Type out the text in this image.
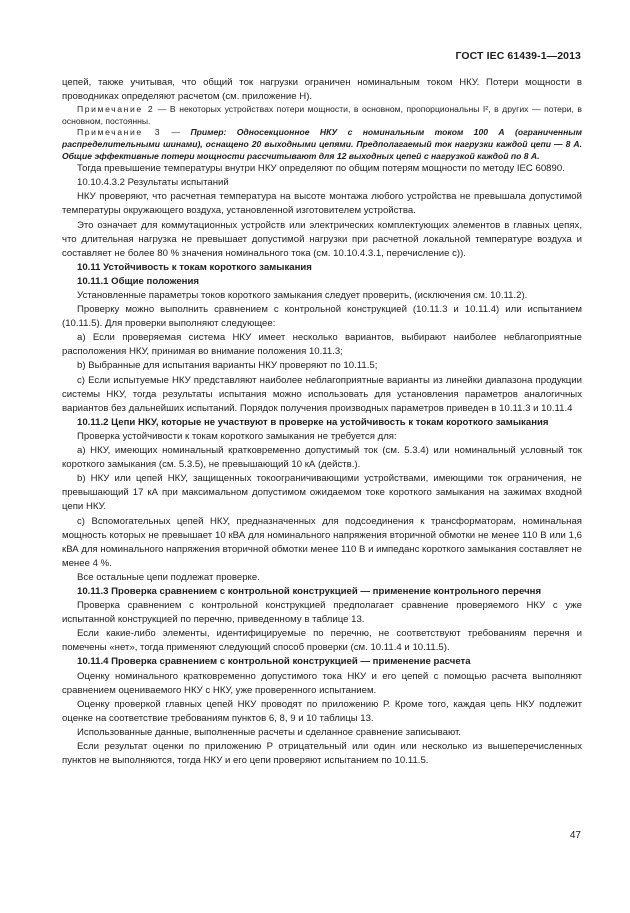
ГОСТ IEC 61439-1—2013

цепей, также учитывая, что общий ток нагрузки ограничен номинальным током НКУ. Потери мощности в проводниках определяют расчетом (см. приложение Н).

Примечание 2 — В некоторых устройствах потери мощности, в основном, пропорциональны I², в других — потери, в основном, постоянны.

Примечание 3 — Пример: Односекционное НКУ с номинальным током 100 А (ограниченным распределительными шинами), оснащено 20 выходными цепями. Предполагаемый ток нагрузки каждой цепи — 8 А. Общие эффективные потери мощности рассчитывают для 12 выходных цепей с нагрузкой каждой по 8 А.

Тогда превышение температуры внутри НКУ определяют по общим потерям мощности по методу IEC 60890.

10.10.4.3.2 Результаты испытаний

НКУ проверяют, что расчетная температура на высоте монтажа любого устройства не превышала допустимой температуры окружающего воздуха, установленной изготовителем устройства.

Это означает для коммутационных устройств или электрических комплектующих элементов в главных цепях, что длительная нагрузка не превышает допустимой нагрузки при расчетной локальной температуре воздуха и составляет не более 80 % значения номинального тока (см. 10.10.4.3.1, перечисление с)).

10.11 Устойчивость к токам короткого замыкания

10.11.1 Общие положения

Установленные параметры токов короткого замыкания следует проверить, (исключения см. 10.11.2).

Проверку можно выполнить сравнением с контрольной конструкцией (10.11.3 и 10.11.4) или испытанием (10.11.5). Для проверки выполняют следующее:

a) Если проверяемая система НКУ имеет несколько вариантов, выбирают наиболее неблагоприятные расположения НКУ, принимая во внимание положения 10.11.3;

b) Выбранные для испытания варианты НКУ проверяют по 10.11.5;

c) Если испытуемые НКУ представляют наиболее неблагоприятные варианты из линейки диапазона продукции системы НКУ, тогда результаты испытания можно использовать для установления параметров аналогичных вариантов без дальнейших испытаний. Порядок получения производных параметров приведен в 10.11.3 и 10.11.4

10.11.2 Цепи НКУ, которые не участвуют в проверке на устойчивость к токам короткого замыкания

Проверка устойчивости к токам короткого замыкания не требуется для:

a) НКУ, имеющих номинальный кратковременно допустимый ток (см. 5.3.4) или номинальный условный ток короткого замыкания (см. 5.3.5), не превышающий 10 кА (действ.).

b) НКУ или цепей НКУ, защищенных токоограничивающими устройствами, имеющими ток ограничения, не превышающий 17 кА при максимальном допустимом ожидаемом токе короткого замыкания на зажимах входной цепи НКУ.

c) Вспомогательных цепей НКУ, предназначенных для подсоединения к трансформаторам, номинальная мощность которых не превышает 10 кВА для номинального напряжения вторичной обмотки не менее 110 В или 1,6 кВА для номинального напряжения вторичной обмотки менее 110 В и импеданс короткого замыкания составляет не менее 4 %.

Все остальные цепи подлежат проверке.

10.11.3 Проверка сравнением с контрольной конструкцией — применение контрольного перечня

Проверка сравнением с контрольной конструкцией предполагает сравнение проверяемого НКУ с уже испытанной конструкцией по перечню, приведенному в таблице 13.

Если какие-либо элементы, идентифицируемые по перечню, не соответствуют требованиям перечня и помечены «нет», тогда применяют следующий способ проверки (см. 10.11.4 и 10.11.5).

10.11.4 Проверка сравнением с контрольной конструкцией — применение расчета

Оценку номинального кратковременно допустимого тока НКУ и его цепей с помощью расчета выполняют сравнением оцениваемого НКУ с НКУ, уже проверенного испытанием.

Оценку проверкой главных цепей НКУ проводят по приложению Р. Кроме того, каждая цепь НКУ подлежит оценке на соответствие требованиям пунктов 6, 8, 9 и 10 таблицы 13.

Использованные данные, выполненные расчеты и сделанное сравнение записывают.

Если результат оценки по приложению Р отрицательный или один или несколько из вышеперечисленных пунктов не выполняются, тогда НКУ и его цепи проверяют испытанием по 10.11.5.

47
